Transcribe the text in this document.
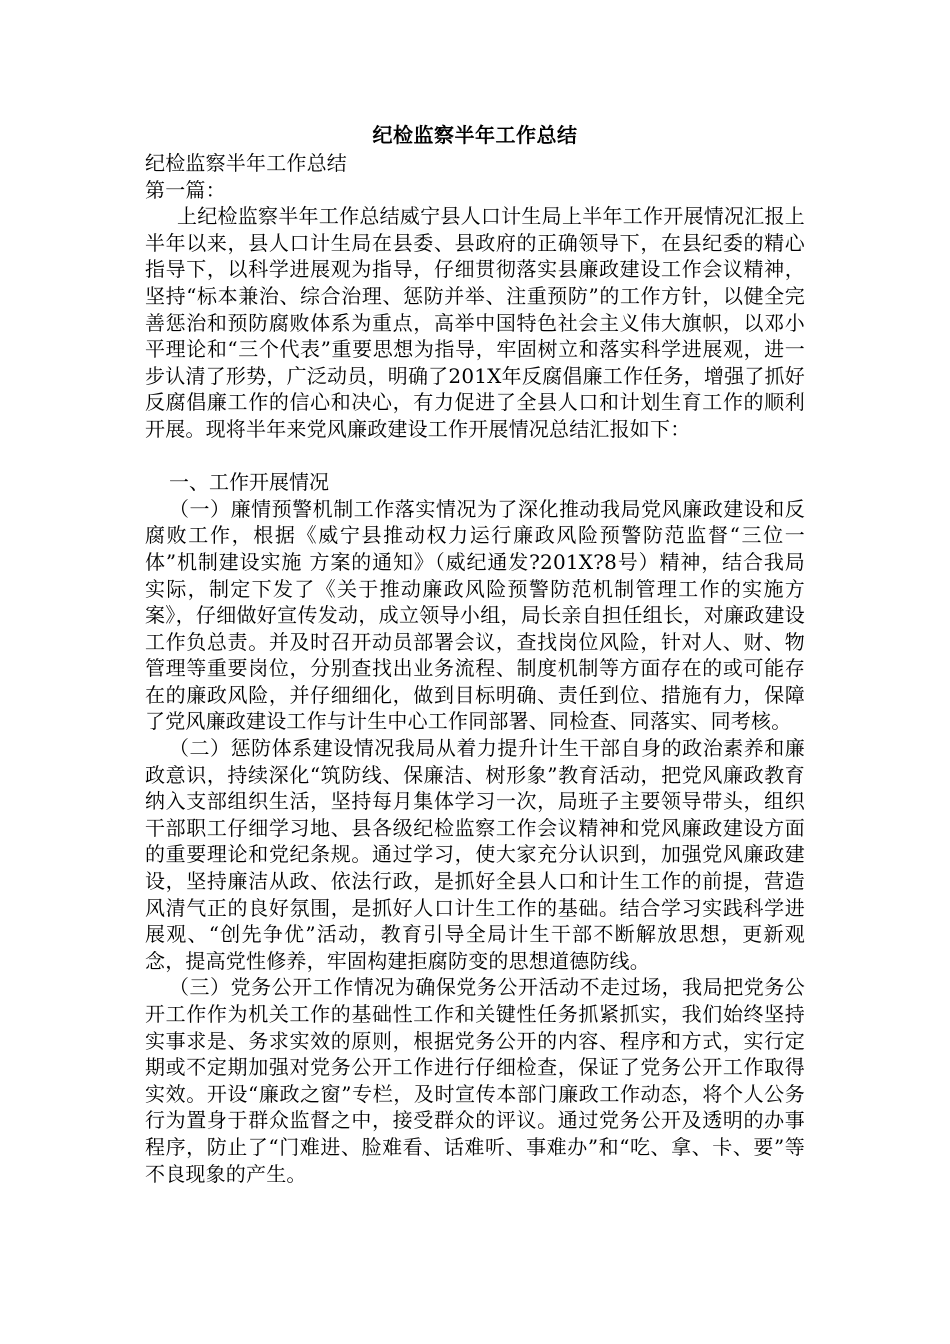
纪检监察半年工作总结
纪检监察半年工作总结
第一篇：

上纪检监察半年工作总结威宁县人口计生局上半年工作开展情况汇报上半年以来，县人口计生局在县委、县政府的正确领导下，在县纪委的精心指导下，以科学进展观为指导，仔细贯彻落实县廉政建设工作会议精神，坚持“标本兼治、综合治理、惩防并举、注重预防”的工作方针，以健全完善惩治和预防腐败体系为重点，高举中国特色社会主义伟大旗帜，以邓小平理论和“三个代表”重要思想为指导，牢固树立和落实科学进展观，进一步认清了形势，广泛动员，明确了201X年反腐倡廉工作任务，增强了抓好反腐倡廉工作的信心和决心，有力促进了全县人口和计划生育工作的顺利开展。现将半年来党风廉政建设工作开展情况总结汇报如下：

一、工作开展情况

（一）廉情预警机制工作落实情况为了深化推动我局党风廉政建设和反腐败工作，根据《威宁县推动权力运行廉政风险预警防范监督“三位一体”机制建设实施 方案的通知》（威纪通发?201X?8号）精神，结合我局实际，制定下发了《关于推动廉政风险预警防范机制管理工作的实施方案》，仔细做好宣传发动，成立领导小组，局长亲自担任组长，对廉政建设工作负总责。并及时召开动员部署会议，查找岗位风险，针对人、财、物管理等重要岗位，分别查找出业务流程、制度机制等方面存在的或可能存在的廉政风险，并仔细细化，做到目标明确、责任到位、措施有力，保障了党风廉政建设工作与计生中心工作同部署、同检查、同落实、同考核。

（二）惩防体系建设情况我局从着力提升计生干部自身的政治素养和廉政意识，持续深化“筑防线、保廉洁、树形象”教育活动，把党风廉政教育纳入支部组织生活，坚持每月集体学习一次，局班子主要领导带头，组织干部职工仔细学习地、县各级纪检监察工作会议精神和党风廉政建设方面的重要理论和党纪条规。通过学习，使大家充分认识到，加强党风廉政建设，坚持廉洁从政、依法行政，是抓好全县人口和计生工作的前提，营造风清气正的良好氛围，是抓好人口计生工作的基础。结合学习实践科学进展观、“创先争优”活动，教育引导全局计生干部不断解放思想，更新观念，提高党性修养，牢固构建拒腐防变的思想道德防线。

（三）党务公开工作情况为确保党务公开活动不走过场，我局把党务公开工作作为机关工作的基础性工作和关键性任务抓紧抓实，我们始终坚持实事求是、务求实效的原则，根据党务公开的内容、程序和方式，实行定期或不定期加强对党务公开工作进行仔细检查，保证了党务公开工作取得实效。开设“廉政之窗”专栏，及时宣传本部门廉政工作动态，将个人公务行为置身于群众监督之中，接受群众的评议。通过党务公开及透明的办事程序，防止了“门难进、脸难看、话难听、事难办”和“吃、拿、卡、要”等不良现象的产生。
